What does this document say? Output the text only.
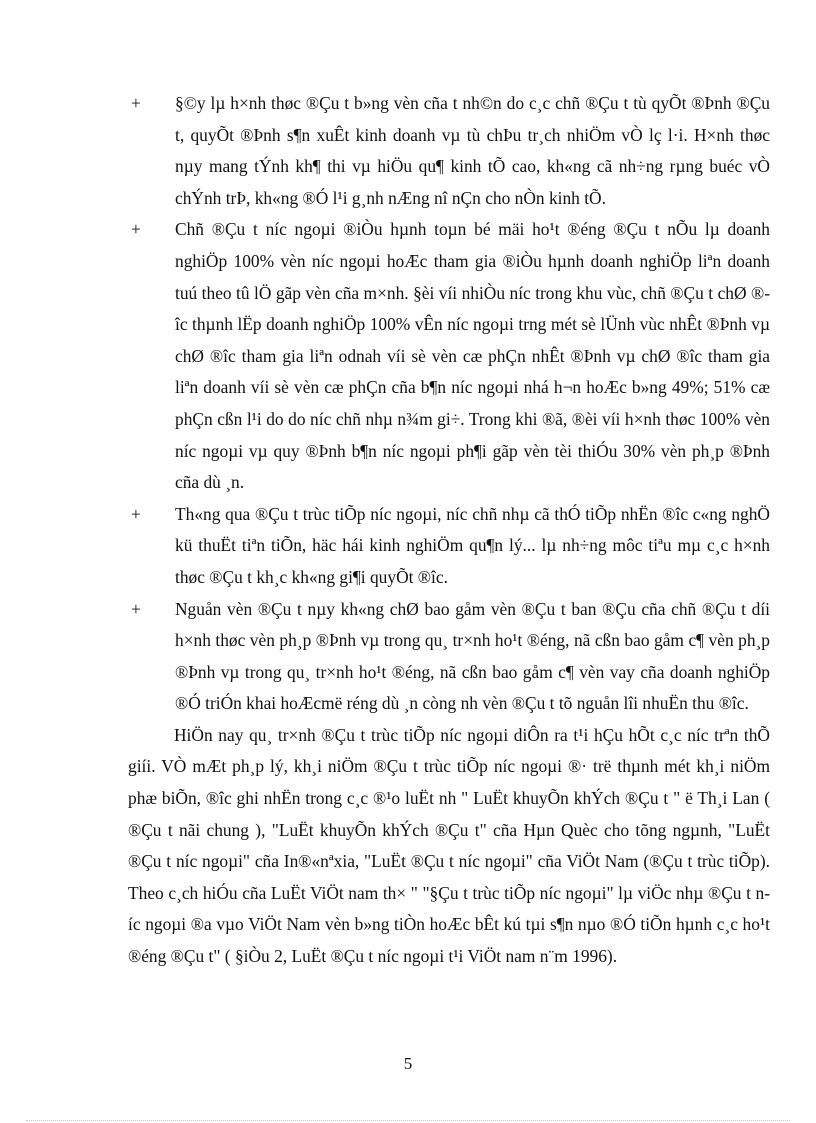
+ §©y lµ h×nh thøc ®Çu t b»ng vèn cña t nh©n do c¸c chñ ®Çu t tù qyÕt ®Þnh ®Çu t, quyÕt ®Þnh s¶n xuÊt kinh doanh vµ tù chÞu tr¸ch nhiÖm vÒ lç l·i. H×nh thøc nµy mang tÝnh kh¶ thi vµ hiÖu qu¶ kinh tÕ cao, kh«ng cã nh÷ng rµng buéc vÒ chÝnh trÞ, kh«ng ®Ó l¹i g¸nh nÆng nî nÇn cho nÒn kinh tÕ.

+ Chñ ®Çu t níc ngoµi ®iÒu hµnh toµn bé mäi ho¹t ®éng ®Çu t nÕu lµ doanh nghiÖp 100% vèn níc ngoµi hoÆc tham gia ®iÒu hµnh doanh nghiÖp liªn doanh tuú theo tû lÖ gãp vèn cña m×nh. §èi víi nhiÒu níc trong khu vùc, chñ ®Çu t chØ ®îc thµnh lËp doanh nghiÖp 100% vÊn níc ngoµi trng mét sè lÜnh vùc nhÊt ®Þnh vµ chØ ®îc tham gia liªn odnah víi sè vèn cæ phÇn nhÊt ®Þnh vµ chØ ®îc tham gia liªn doanh víi sè vèn cæ phÇn cña b¶n níc ngoµi nhá h¬n hoÆc b»ng 49%; 51% cæ phÇn cßn l¹i do do níc chñ nhµ n¾m gi÷. Trong khi ®ã, ®èi víi h×nh thøc 100% vèn níc ngoµi vµ quy ®Þnh b¶n níc ngoµi ph¶i gãp vèn tèi thiÓu 30% vèn ph¸p ®Þnh cña dù ¸n.

+ Th«ng qua ®Çu t trùc tiÕp níc ngoµi, níc chñ nhµ cã thÓ tiÕp nhËn ®îc c«ng nghÖ kü thuËt tiªn tiÕn, häc hái kinh nghiÖm qu¶n lý... lµ nh÷ng môc tiªu mµ c¸c h×nh thøc ®Çu t kh¸c kh«ng gi¶i quyÕt ®îc.

+ Nguån vèn ®Çu t nµy kh«ng chØ bao gåm vèn ®Çu t ban ®Çu cña chñ ®Çu t díi h×nh thøc vèn ph¸p ®Þnh vµ trong qu¸ tr×nh ho¹t ®éng, nã cßn bao gåm c¶ vèn ph¸p ®Þnh vµ trong qu¸ tr×nh ho¹t ®éng, nã cßn bao gåm c¶ vèn vay cña doanh nghiÖp ®Ó triÓn khai hoÆcmë réng dù ¸n còng nh vèn ®Çu t tõ nguån lîi nhuËn thu ®îc.

HiÖn nay qu¸ tr×nh ®Çu t trùc tiÕp níc ngoµi diÔn ra t¹i hÇu hÕt c¸c níc trªn thÕ giíi. VÒ mÆt ph¸p lý, kh¸i niÖm ®Çu t trùc tiÕp níc ngoµi ®· trë thµnh mét kh¸i niÖm phæ biÕn, ®îc ghi nhËn trong c¸c ®¹o luËt nh " LuËt khuyÕn khÝch ®Çu t " ë Th¸i Lan ( ®Çu t nãi chung ), "LuËt khuyÕn khÝch ®Çu t" cña Hµn Quèc cho tõng ngµnh, "LuËt ®Çu t níc ngoµi" cña In®«nªxia, "LuËt ®Çu t níc ngoµi" cña ViÖt Nam (®Çu t trùc tiÕp). Theo c¸ch hiÓu cña LuËt ViÖt nam th× " "§Çu t trùc tiÕp níc ngoµi" lµ viÖc nhµ ®Çu t níc ngoµi ®a vµo ViÖt Nam vèn b»ng tiÒn hoÆc bÊt kú tµi s¶n nµo ®Ó tiÕn hµnh c¸c ho¹t ®éng ®Çu t" ( §iÒu 2, LuËt ®Çu t níc ngoµi t¹i ViÖt nam n¨m 1996).

5
